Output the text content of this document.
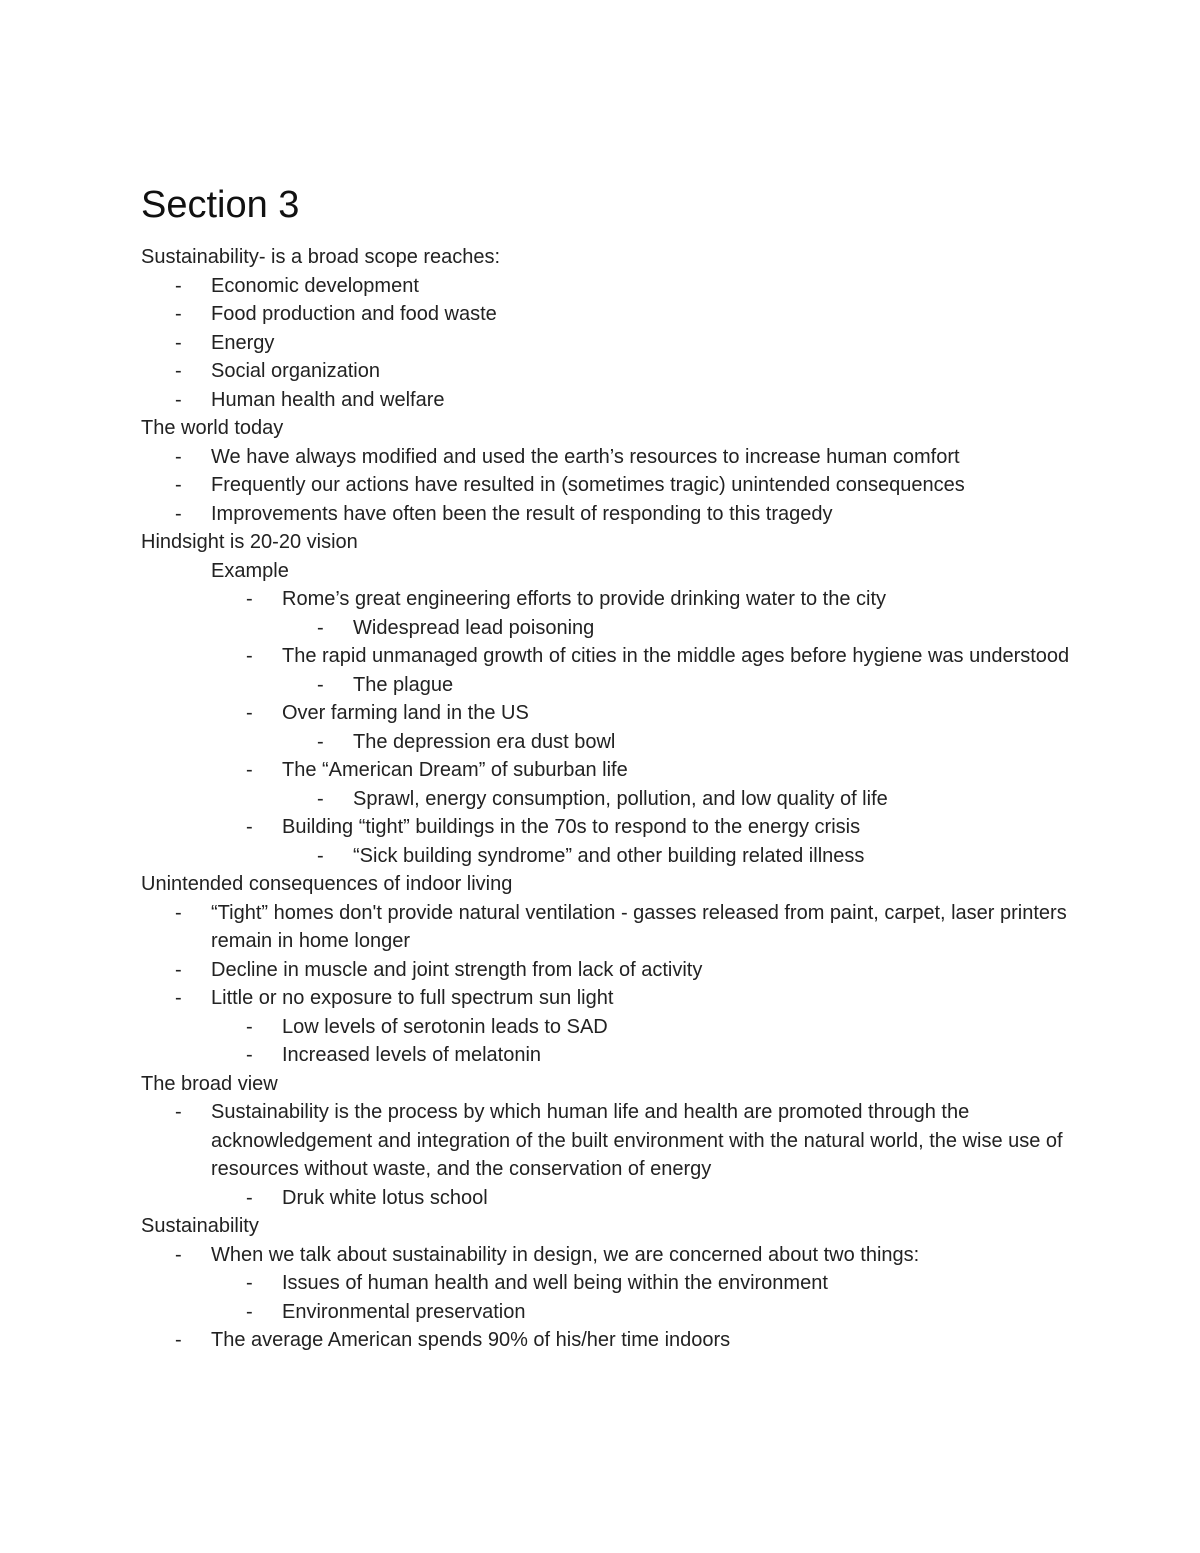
Section 3
Sustainability- is a broad scope reaches:
- Economic development
- Food production and food waste
- Energy
- Social organization
- Human health and welfare
The world today
- We have always modified and used the earth’s resources to increase human comfort
- Frequently our actions have resulted in (sometimes tragic) unintended consequences
- Improvements have often been the result of responding to this tragedy
Hindsight is 20-20 vision
Example
- Rome’s great engineering efforts to provide drinking water to the city
- Widespread lead poisoning
- The rapid unmanaged growth of cities in the middle ages before hygiene was understood
- The plague
- Over farming land in the US
- The depression era dust bowl
- The “American Dream” of suburban life
- Sprawl, energy consumption, pollution, and low quality of life
- Building “tight” buildings in the 70s to respond to the energy crisis
- “Sick building syndrome” and other building related illness
Unintended consequences of indoor living
- “Tight” homes don't provide natural ventilation - gasses released from paint, carpet, laser printers remain in home longer
- Decline in muscle and joint strength from lack of activity
- Little or no exposure to full spectrum sun light
- Low levels of serotonin leads to SAD
- Increased levels of melatonin
The broad view
- Sustainability is the process by which human life and health are promoted through the acknowledgement and integration of the built environment with the natural world, the wise use of resources without waste, and the conservation of energy
- Druk white lotus school
Sustainability
- When we talk about sustainability in design, we are concerned about two things:
- Issues of human health and well being within the environment
- Environmental preservation
- The average American spends 90% of his/her time indoors
